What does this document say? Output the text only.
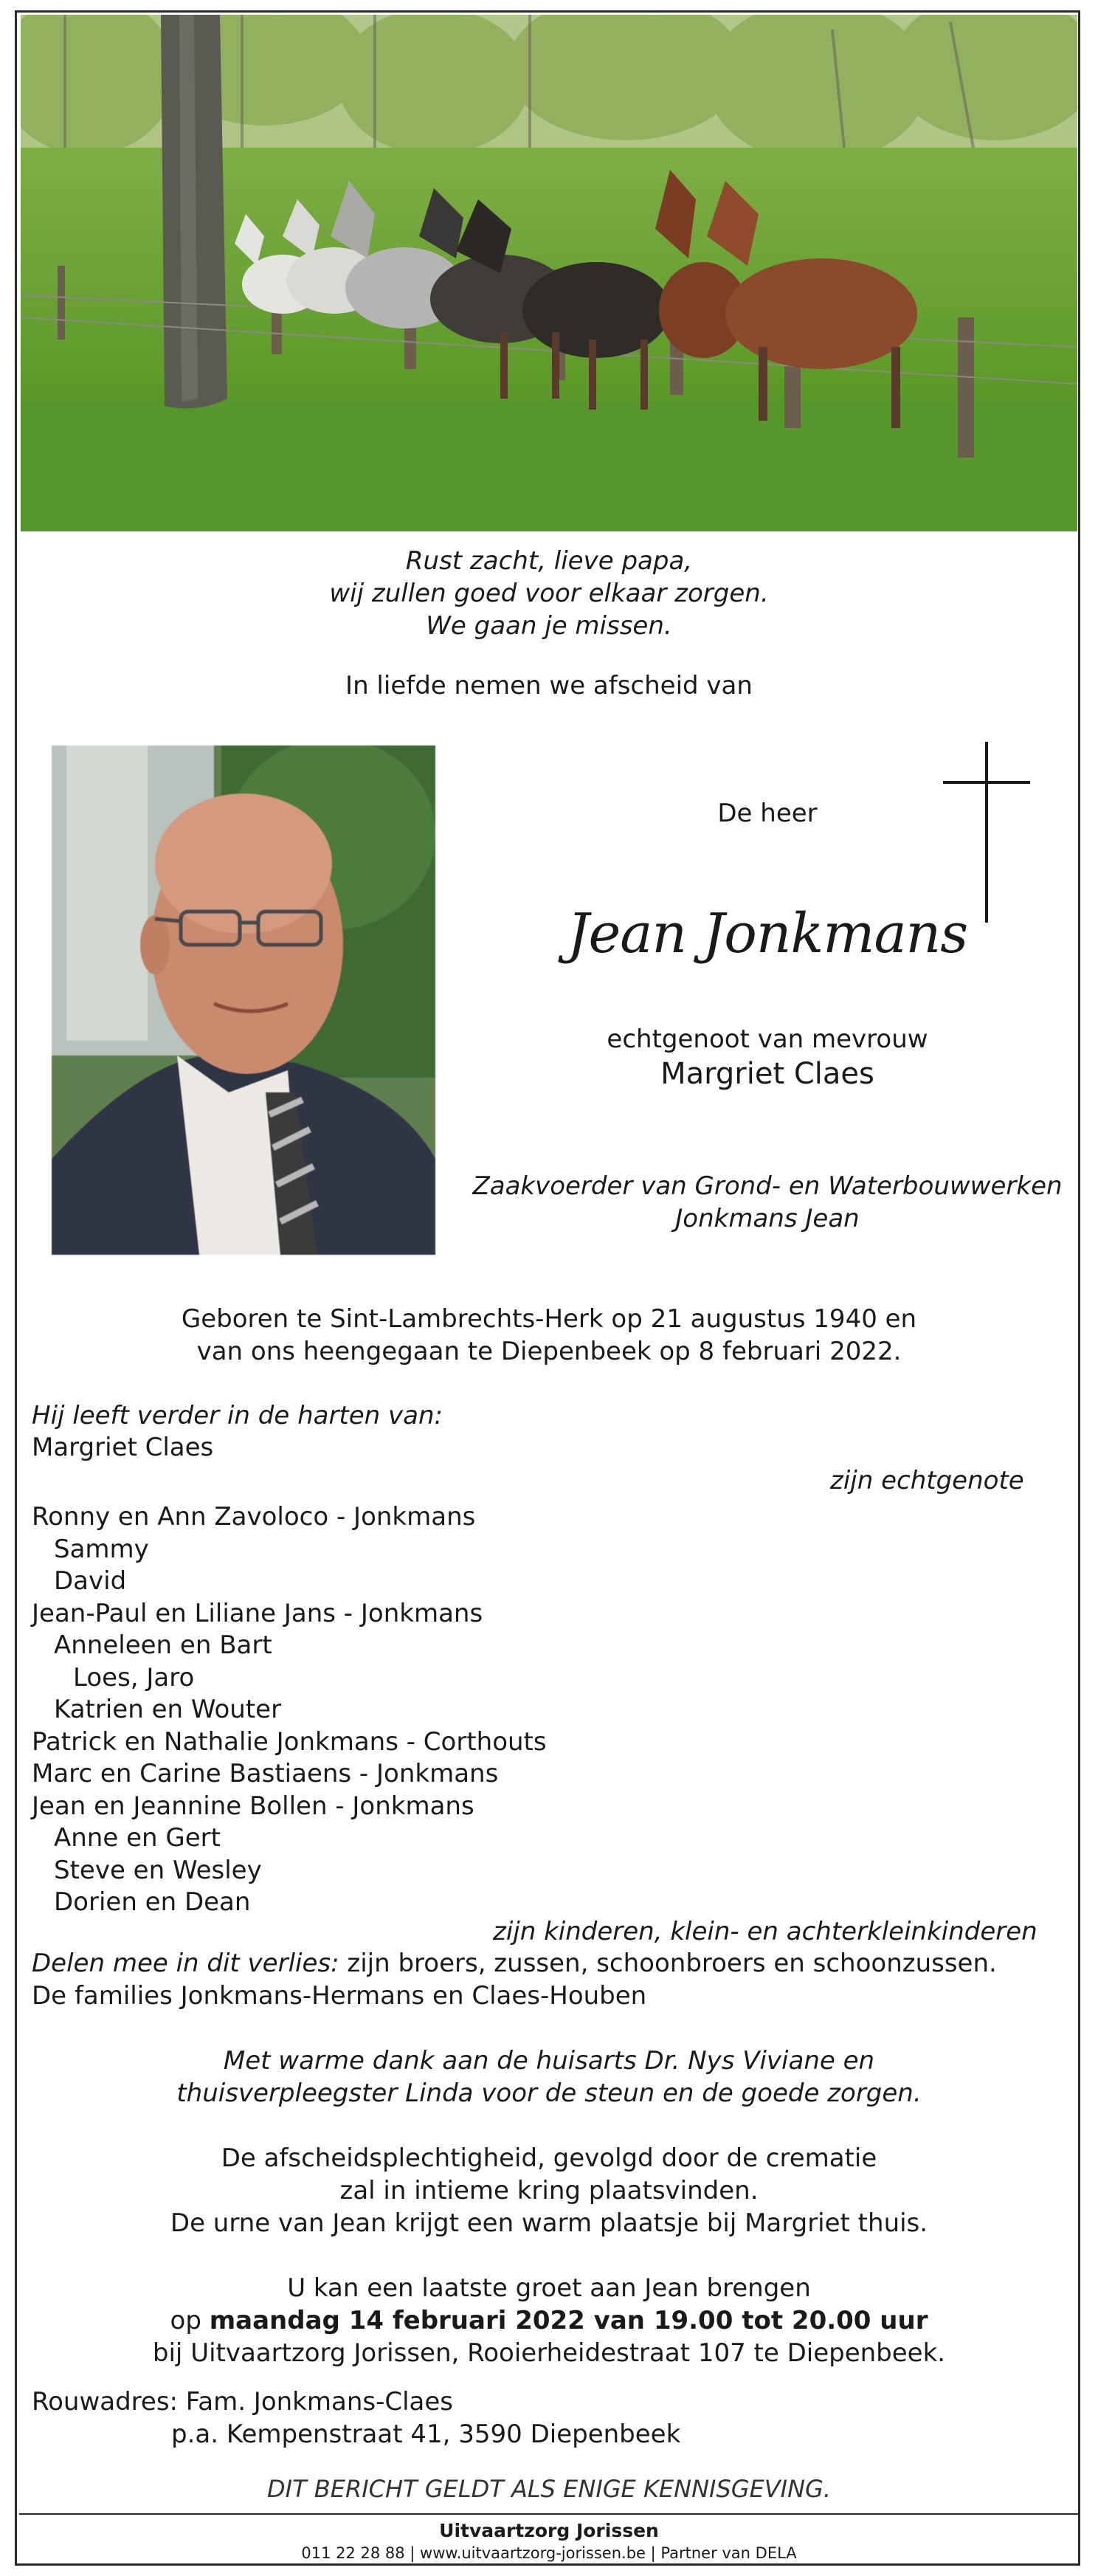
Rust zacht, lieve papa,
wij zullen goed voor elkaar zorgen.
We gaan je missen.
In liefde nemen we afscheid van
De heer
Jean Jonkmans
echtgenoot van mevrouw
Margriet Claes
Zaakvoerder van Grond- en Waterbouwwerken
Jonkmans Jean
Geboren te Sint-Lambrechts-Herk op 21 augustus 1940 en
van ons heengegaan te Diepenbeek op 8 februari 2022.
Hij leeft verder in de harten van:
Margriet Claes
zijn echtgenote
Ronny en Ann Zavoloco - Jonkmans
Sammy
David
Jean-Paul en Liliane Jans - Jonkmans
Anneleen en Bart
Loes, Jaro
Katrien en Wouter
Patrick en Nathalie Jonkmans - Corthouts
Marc en Carine Bastiaens - Jonkmans
Jean en Jeannine Bollen - Jonkmans
Anne en Gert
Steve en Wesley
Dorien en Dean
zijn kinderen, klein- en achterkleinkinderen
Delen mee in dit verlies: zijn broers, zussen, schoonbroers en schoonzussen.
De families Jonkmans-Hermans en Claes-Houben
Met warme dank aan de huisarts Dr. Nys Viviane en
thuisverpleegster Linda voor de steun en de goede zorgen.
De afscheidsplechtigheid, gevolgd door de crematie
zal in intieme kring plaatsvinden.
De urne van Jean krijgt een warm plaatsje bij Margriet thuis.
U kan een laatste groet aan Jean brengen
op maandag 14 februari 2022 van 19.00 tot 20.00 uur
bij Uitvaartzorg Jorissen, Rooierheidestraat 107 te Diepenbeek.
Rouwadres: Fam. Jonkmans-Claes
p.a. Kempenstraat 41, 3590 Diepenbeek
DIT BERICHT GELDT ALS ENIGE KENNISGEVING.
Uitvaartzorg Jorissen
011 22 28 88 | www.uitvaartzorg-jorissen.be | Partner van DELA
